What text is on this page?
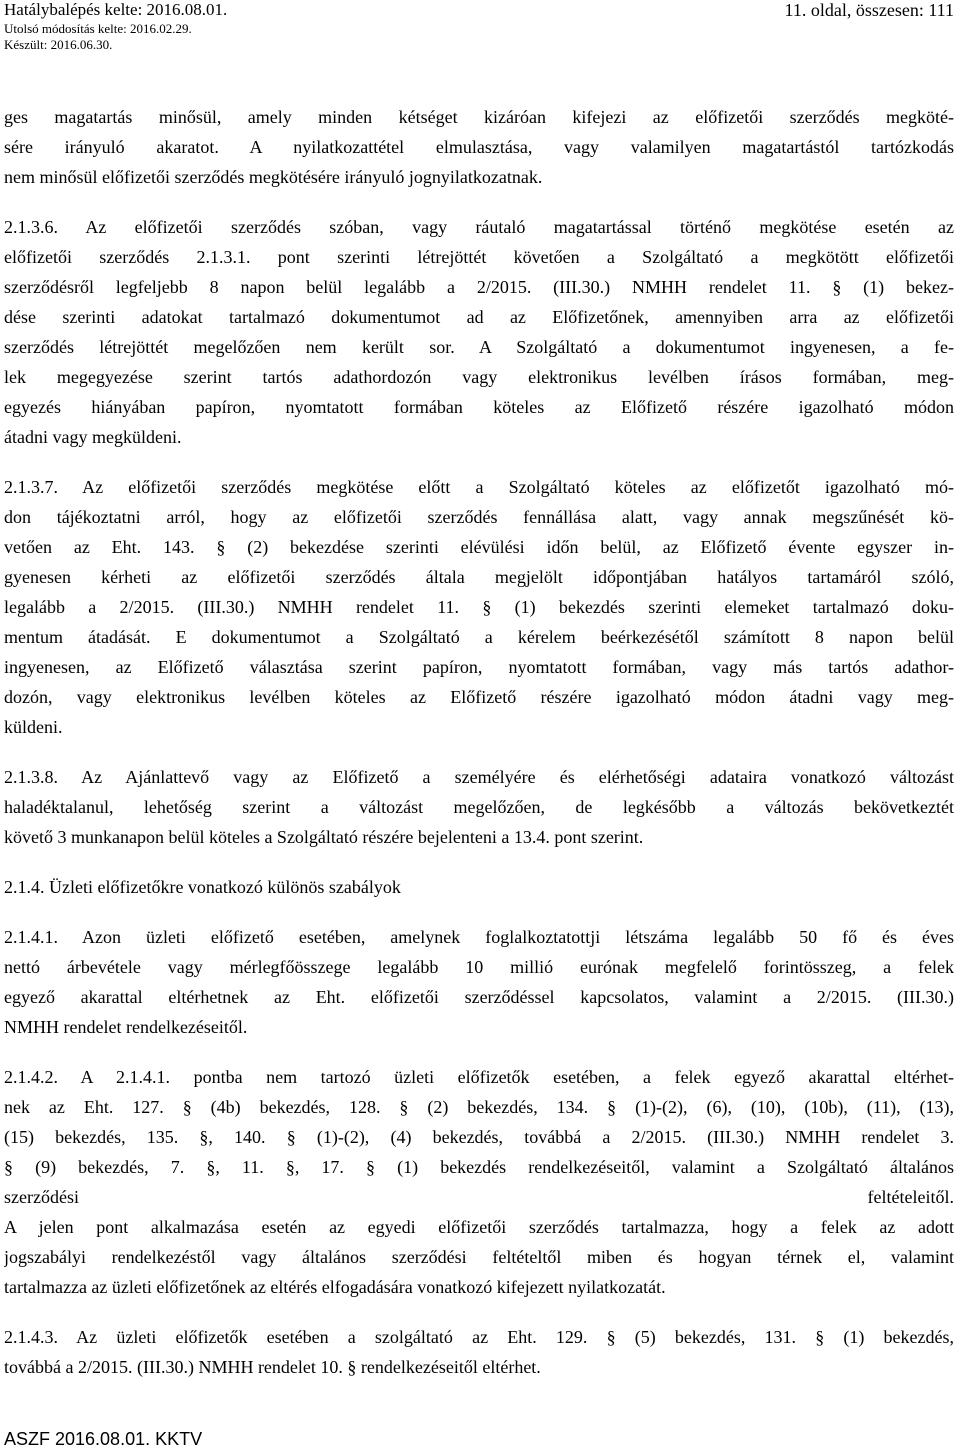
Hatálybalépés kelte: 2016.08.01.
Utolsó módosítás kelte: 2016.02.29.
Készült: 2016.06.30.
11. oldal, összesen: 111
ges magatartás minősül, amely minden kétséget kizáróan kifejezi az előfizetői szerződés megköté-
sére irányuló akaratot. A nyilatkozattétel elmulasztása, vagy valamilyen magatartástól tartózkodás
nem minősül előfizetői szerződés megkötésére irányuló jognyilatkozatnak.
2.1.3.6. Az előfizetői szerződés szóban, vagy ráutaló magatartással történő megkötése esetén az
előfizetői szerződés 2.1.3.1. pont szerinti létrejöttét követően a Szolgáltató a megkötött előfizetői
szerződésről legfeljebb 8 napon belül legalább a 2/2015. (III.30.) NMHH rendelet 11. § (1) bekez-
dése szerinti adatokat tartalmazó dokumentumot ad az Előfizetőnek, amennyiben arra az előfizetői
szerződés létrejöttét megelőzően nem került sor. A Szolgáltató a dokumentumot ingyenesen, a fe-
lek megegyezése szerint tartós adathordozón vagy elektronikus levélben írásos formában, meg-
egyezés hiányában papíron, nyomtatott formában köteles az Előfizető részére igazolható módon
átadni vagy megküldeni.
2.1.3.7. Az előfizetői szerződés megkötése előtt a Szolgáltató köteles az előfizetőt igazolható mó-
don tájékoztatni arról, hogy az előfizetői szerződés fennállása alatt, vagy annak megszűnését kö-
vetően az Eht. 143. § (2) bekezdése szerinti elévülési időn belül, az Előfizető évente egyszer in-
gyenesen kérheti az előfizetői szerződés általa megjelölt időpontjában hatályos tartamáról szóló,
legalább a 2/2015. (III.30.) NMHH rendelet 11. § (1) bekezdés szerinti elemeket tartalmazó doku-
mentum átadását. E dokumentumot a Szolgáltató a kérelem beérkezésétől számított 8 napon belül
ingyenesen, az Előfizető választása szerint papíron, nyomtatott formában, vagy más tartós adathor-
dozón, vagy elektronikus levélben köteles az Előfizető részére igazolható módon átadni vagy meg-
küldeni.
2.1.3.8. Az Ajánlattevő vagy az Előfizető a személyére és elérhetőségi adataira vonatkozó változást
haladéktalanul, lehetőség szerint a változást megelőzően, de legkésőbb a változás bekövetkeztét
követő 3 munkanapon belül köteles a Szolgáltató részére bejelenteni a 13.4. pont szerint.
2.1.4. Üzleti előfizetőkre vonatkozó különös szabályok
2.1.4.1. Azon üzleti előfizető esetében, amelynek foglalkoztatottji létszáma legalább 50 fő és éves
nettó árbevétele vagy mérlegfőösszege legalább 10 millió eurónak megfelelő forintösszeg, a felek
egyező akarattal eltérhetnek az Eht. előfizetői szerződéssel kapcsolatos, valamint a 2/2015. (III.30.)
NMHH rendelet rendelkezéseitől.
2.1.4.2. A 2.1.4.1. pontba nem tartozó üzleti előfizetők esetében, a felek egyező akarattal eltérhet-
nek az Eht. 127. § (4b) bekezdés, 128. § (2) bekezdés, 134. § (1)-(2), (6), (10), (10b), (11), (13),
(15) bekezdés, 135. §, 140. § (1)-(2), (4) bekezdés, továbbá a 2/2015. (III.30.) NMHH rendelet 3.
§ (9) bekezdés, 7. §, 11. §, 17. § (1) bekezdés rendelkezéseitől, valamint a Szolgáltató általános
szerződési feltételeitől.
A jelen pont alkalmazása esetén az egyedi előfizetői szerződés tartalmazza, hogy a felek az adott
jogszabályi rendelkezéstől vagy általános szerződési feltételtől miben és hogyan térnek el, valamint
tartalmazza az üzleti előfizetőnek az eltérés elfogadására vonatkozó kifejezett nyilatkozatát.
2.1.4.3. Az üzleti előfizetők esetében a szolgáltató az Eht. 129. § (5) bekezdés, 131. § (1) bekezdés,
továbbá a 2/2015. (III.30.) NMHH rendelet 10. § rendelkezéseitől eltérhet.
ASZF 2016.08.01. KKTV
